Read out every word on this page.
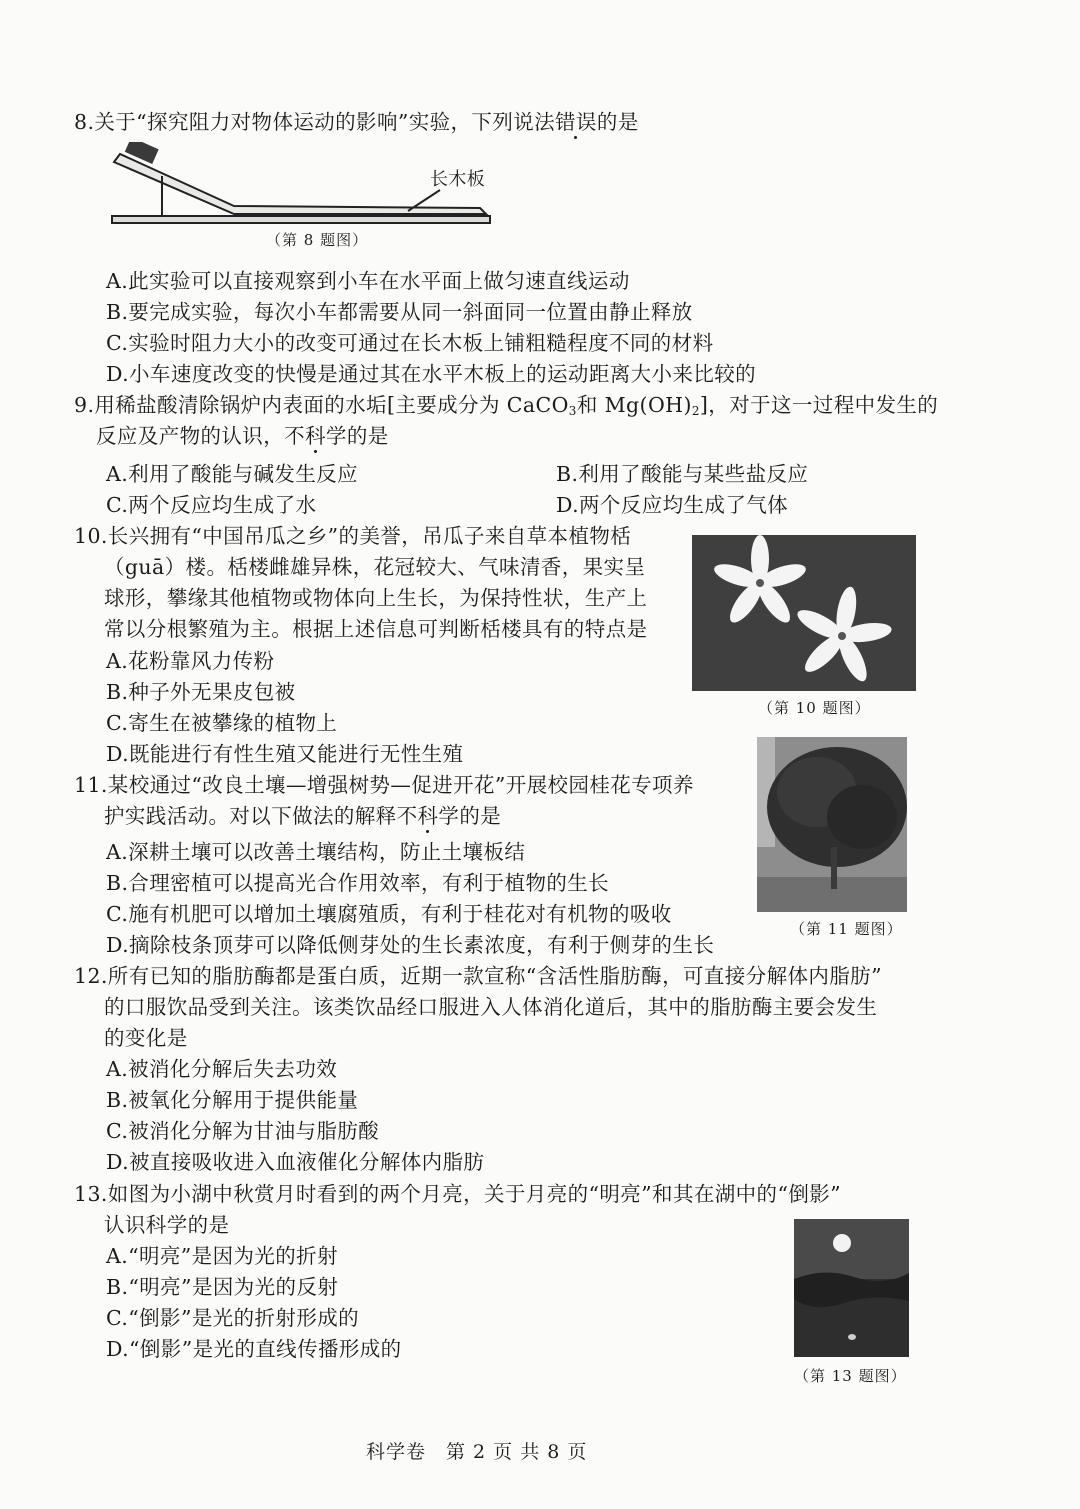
8.关于“探究阻力对物体运动的影响”实验，下列说法错误的是
长木板
（第 8 题图）
A.此实验可以直接观察到小车在水平面上做匀速直线运动
B.要完成实验，每次小车都需要从同一斜面同一位置由静止释放
C.实验时阻力大小的改变可通过在长木板上铺粗糙程度不同的材料
D.小车速度改变的快慢是通过其在水平木板上的运动距离大小来比较的
9.用稀盐酸清除锅炉内表面的水垢[主要成分为 CaCO$_3$和 $Mg(OH)_2$]，对于这一过程中发生的
反应及产物的认识，不科学的是
A.利用了酸能与碱发生反应	B.利用了酸能与某些盐反应
C.两个反应均生成了水	D.两个反应均生成了气体
10.长兴拥有“中国吊瓜之乡”的美誉，吊瓜子来自草本植物栝
（guā）楼。栝楼雌雄异株，花冠较大、气味清香，果实呈
球形，攀缘其他植物或物体向上生长，为保持性状，生产上
常以分根繁殖为主。根据上述信息可判断栝楼具有的特点是
A.花粉靠风力传粉
B.种子外无果皮包被
C.寄生在被攀缘的植物上
D.既能进行有性生殖又能进行无性生殖
（第 10 题图）
11.某校通过“改良土壤—增强树势—促进开花”开展校园桂花专项养
护实践活动。对以下做法的解释不科学的是
A.深耕土壤可以改善土壤结构，防止土壤板结
B.合理密植可以提高光合作用效率，有利于植物的生长
C.施有机肥可以增加土壤腐殖质，有利于桂花对有机物的吸收
D.摘除枝条顶芽可以降低侧芽处的生长素浓度，有利于侧芽的生长
（第 11 题图）
12.所有已知的脂肪酶都是蛋白质，近期一款宣称“含活性脂肪酶，可直接分解体内脂肪”
的口服饮品受到关注。该类饮品经口服进入人体消化道后，其中的脂肪酶主要会发生
的变化是
A.被消化分解后失去功效
B.被氧化分解用于提供能量
C.被消化分解为甘油与脂肪酸
D.被直接吸收进入血液催化分解体内脂肪
13.如图为小湖中秋赏月时看到的两个月亮，关于月亮的“明亮”和其在湖中的“倒影”
认识科学的是
A.“明亮”是因为光的折射
B.“明亮”是因为光的反射
C.“倒影”是光的折射形成的
D.“倒影”是光的直线传播形成的
（第 13 题图）
科学卷　第 2 页 共 8 页
